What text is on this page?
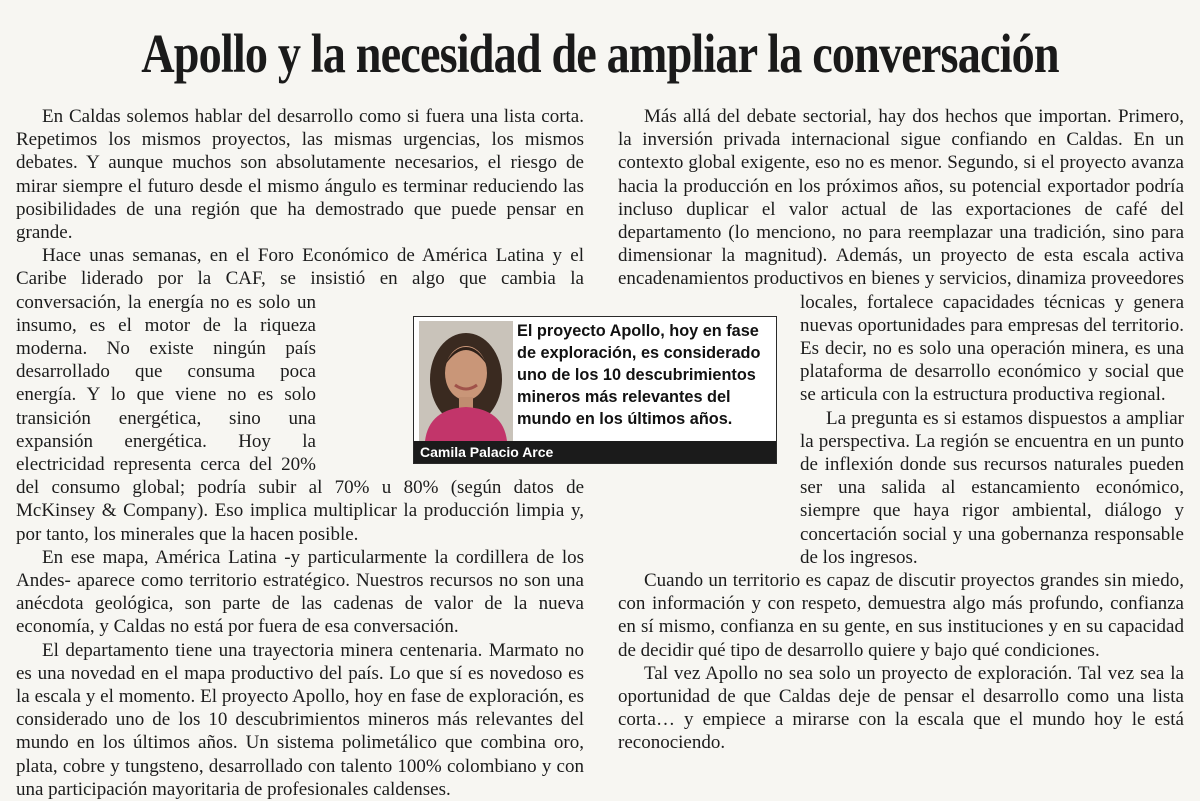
Apollo y la necesidad de ampliar la conversación

En Caldas solemos hablar del desarrollo como si fuera una lista corta. Repetimos los mismos proyectos, las mismas urgencias, los mismos debates. Y aunque muchos son absolutamente necesarios, el riesgo de mirar siempre el futuro desde el mismo ángulo es terminar reduciendo las posibilidades de una región que ha demostrado que puede pensar en grande.

Hace unas semanas, en el Foro Económico de América Latina y el Caribe liderado por la CAF, se insistió en algo que cambia la conversación, la energía no es solo un insumo, es el motor de la riqueza moderna. No existe ningún país desarrollado que consuma poca energía. Y lo que viene no es solo transición energética, sino una expansión energética. Hoy la electricidad representa cerca del 20% del consumo global; podría subir al 70% u 80% (según datos de McKinsey & Company). Eso implica multiplicar la producción limpia y, por tanto, los minerales que la hacen posible.

En ese mapa, América Latina -y particularmente la cordillera de los Andes- aparece como territorio estratégico. Nuestros recursos no son una anécdota geológica, son parte de las cadenas de valor de la nueva economía, y Caldas no está por fuera de esa conversación.

El departamento tiene una trayectoria minera centenaria. Marmato no es una novedad en el mapa productivo del país. Lo que sí es novedoso es la escala y el momento. El proyecto Apollo, hoy en fase de exploración, es considerado uno de los 10 descubrimientos mineros más relevantes del mundo en los últimos años. Un sistema polimetálico que combina oro, plata, cobre y tungsteno, desarrollado con talento 100% colombiano y con una participación mayoritaria de profesionales caldenses.

Más allá del debate sectorial, hay dos hechos que importan. Primero, la inversión privada internacional sigue confiando en Caldas. En un contexto global exigente, eso no es menor. Segundo, si el proyecto avanza hacia la producción en los próximos años, su potencial exportador podría incluso duplicar el valor actual de las exportaciones de café del departamento (lo menciono, no para reemplazar una tradición, sino para dimensionar la magnitud). Además, un proyecto de esta escala activa encadenamientos productivos en bienes y servicios, dinamiza proveedores locales, fortalece capacidades técnicas y genera nuevas oportunidades para empresas del territorio. Es decir, no es solo una operación minera, es una plataforma de desarrollo económico y social que se articula con la estructura productiva regional.

La pregunta es si estamos dispuestos a ampliar la perspectiva. La región se encuentra en un punto de inflexión donde sus recursos naturales pueden ser una salida al estancamiento económico, siempre que haya rigor ambiental, diálogo y concertación social y una gobernanza responsable de los ingresos.

Cuando un territorio es capaz de discutir proyectos grandes sin miedo, con información y con respeto, demuestra algo más profundo, confianza en sí mismo, confianza en su gente, en sus instituciones y en su capacidad de decidir qué tipo de desarrollo quiere y bajo qué condiciones.

Tal vez Apollo no sea solo un proyecto de exploración. Tal vez sea la oportunidad de que Caldas deje de pensar el desarrollo como una lista corta… y empiece a mirarse con la escala que el mundo hoy le está reconociendo.

El proyecto Apollo, hoy en fase de exploración, es considerado uno de los 10 descubrimientos mineros más relevantes del mundo en los últimos años.
Camila Palacio Arce
